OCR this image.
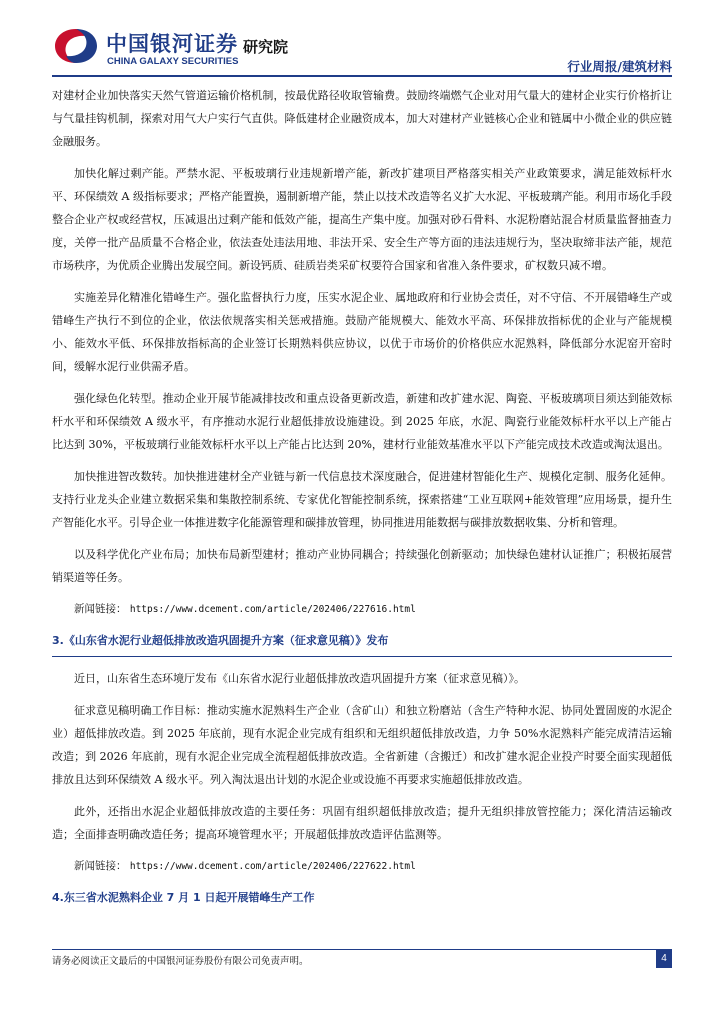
中国银河证券
CHINA GALAXY SECURITIES
研究院
行业周报/建筑材料

对建材企业加快落实天然气管道运输价格机制，按最优路径收取管输费。鼓励终端燃气企业对用气量大的建材企业实行价格折让与气量挂钩机制，探索对用气大户实行气直供。降低建材企业融资成本，加大对建材产业链核心企业和链属中小微企业的供应链金融服务。

加快化解过剩产能。严禁水泥、平板玻璃行业违规新增产能，新改扩建项目严格落实相关产业政策要求，满足能效标杆水平、环保绩效 A 级指标要求；严格产能置换，遏制新增产能，禁止以技术改造等名义扩大水泥、平板玻璃产能。利用市场化手段整合企业产权或经营权，压减退出过剩产能和低效产能，提高生产集中度。加强对砂石骨料、水泥粉磨站混合材质量监督抽查力度，关停一批产品质量不合格企业，依法查处违法用地、非法开采、安全生产等方面的违法违规行为，坚决取缔非法产能，规范市场秩序，为优质企业腾出发展空间。新设钙质、硅质岩类采矿权要符合国家和省准入条件要求，矿权数只减不增。

实施差异化精准化错峰生产。强化监督执行力度，压实水泥企业、属地政府和行业协会责任，对不守信、不开展错峰生产或错峰生产执行不到位的企业，依法依规落实相关惩戒措施。鼓励产能规模大、能效水平高、环保排放指标优的企业与产能规模小、能效水平低、环保排放指标高的企业签订长期熟料供应协议，以优于市场价的价格供应水泥熟料，降低部分水泥窑开窑时间，缓解水泥行业供需矛盾。

强化绿色化转型。推动企业开展节能减排技改和重点设备更新改造，新建和改扩建水泥、陶瓷、平板玻璃项目须达到能效标杆水平和环保绩效 A 级水平，有序推动水泥行业超低排放设施建设。到 2025 年底，水泥、陶瓷行业能效标杆水平以上产能占比达到 30%，平板玻璃行业能效标杆水平以上产能占比达到 20%，建材行业能效基准水平以下产能完成技术改造或淘汰退出。

加快推进智改数转。加快推进建材全产业链与新一代信息技术深度融合，促进建材智能化生产、规模化定制、服务化延伸。支持行业龙头企业建立数据采集和集散控制系统、专家优化智能控制系统，探索搭建“工业互联网+能效管理”应用场景，提升生产智能化水平。引导企业一体推进数字化能源管理和碳排放管理，协同推进用能数据与碳排放数据收集、分析和管理。

以及科学优化产业布局；加快布局新型建材；推动产业协同耦合；持续强化创新驱动；加快绿色建材认证推广；积极拓展营销渠道等任务。

新闻链接： https://www.dcement.com/article/202406/227616.html
3.《山东省水泥行业超低排放改造巩固提升方案（征求意见稿）》发布

近日，山东省生态环境厅发布《山东省水泥行业超低排放改造巩固提升方案（征求意见稿）》。

征求意见稿明确工作目标：推动实施水泥熟料生产企业（含矿山）和独立粉磨站（含生产特种水泥、协同处置固废的水泥企业）超低排放改造。到 2025 年底前，现有水泥企业完成有组织和无组织超低排放改造，力争 50%水泥熟料产能完成清洁运输改造；到 2026 年底前，现有水泥企业完成全流程超低排放改造。全省新建（含搬迁）和改扩建水泥企业投产时要全面实现超低排放且达到环保绩效 A 级水平。列入淘汰退出计划的水泥企业或设施不再要求实施超低排放改造。

此外，还指出水泥企业超低排放改造的主要任务：巩固有组织超低排放改造；提升无组织排放管控能力；深化清洁运输改造；全面排查明确改造任务；提高环境管理水平；开展超低排放改造评估监测等。

新闻链接： https://www.dcement.com/article/202406/227622.html
4.东三省水泥熟料企业 7 月 1 日起开展错峰生产工作
请务必阅读正文最后的中国银河证券股份有限公司免责声明。	4
